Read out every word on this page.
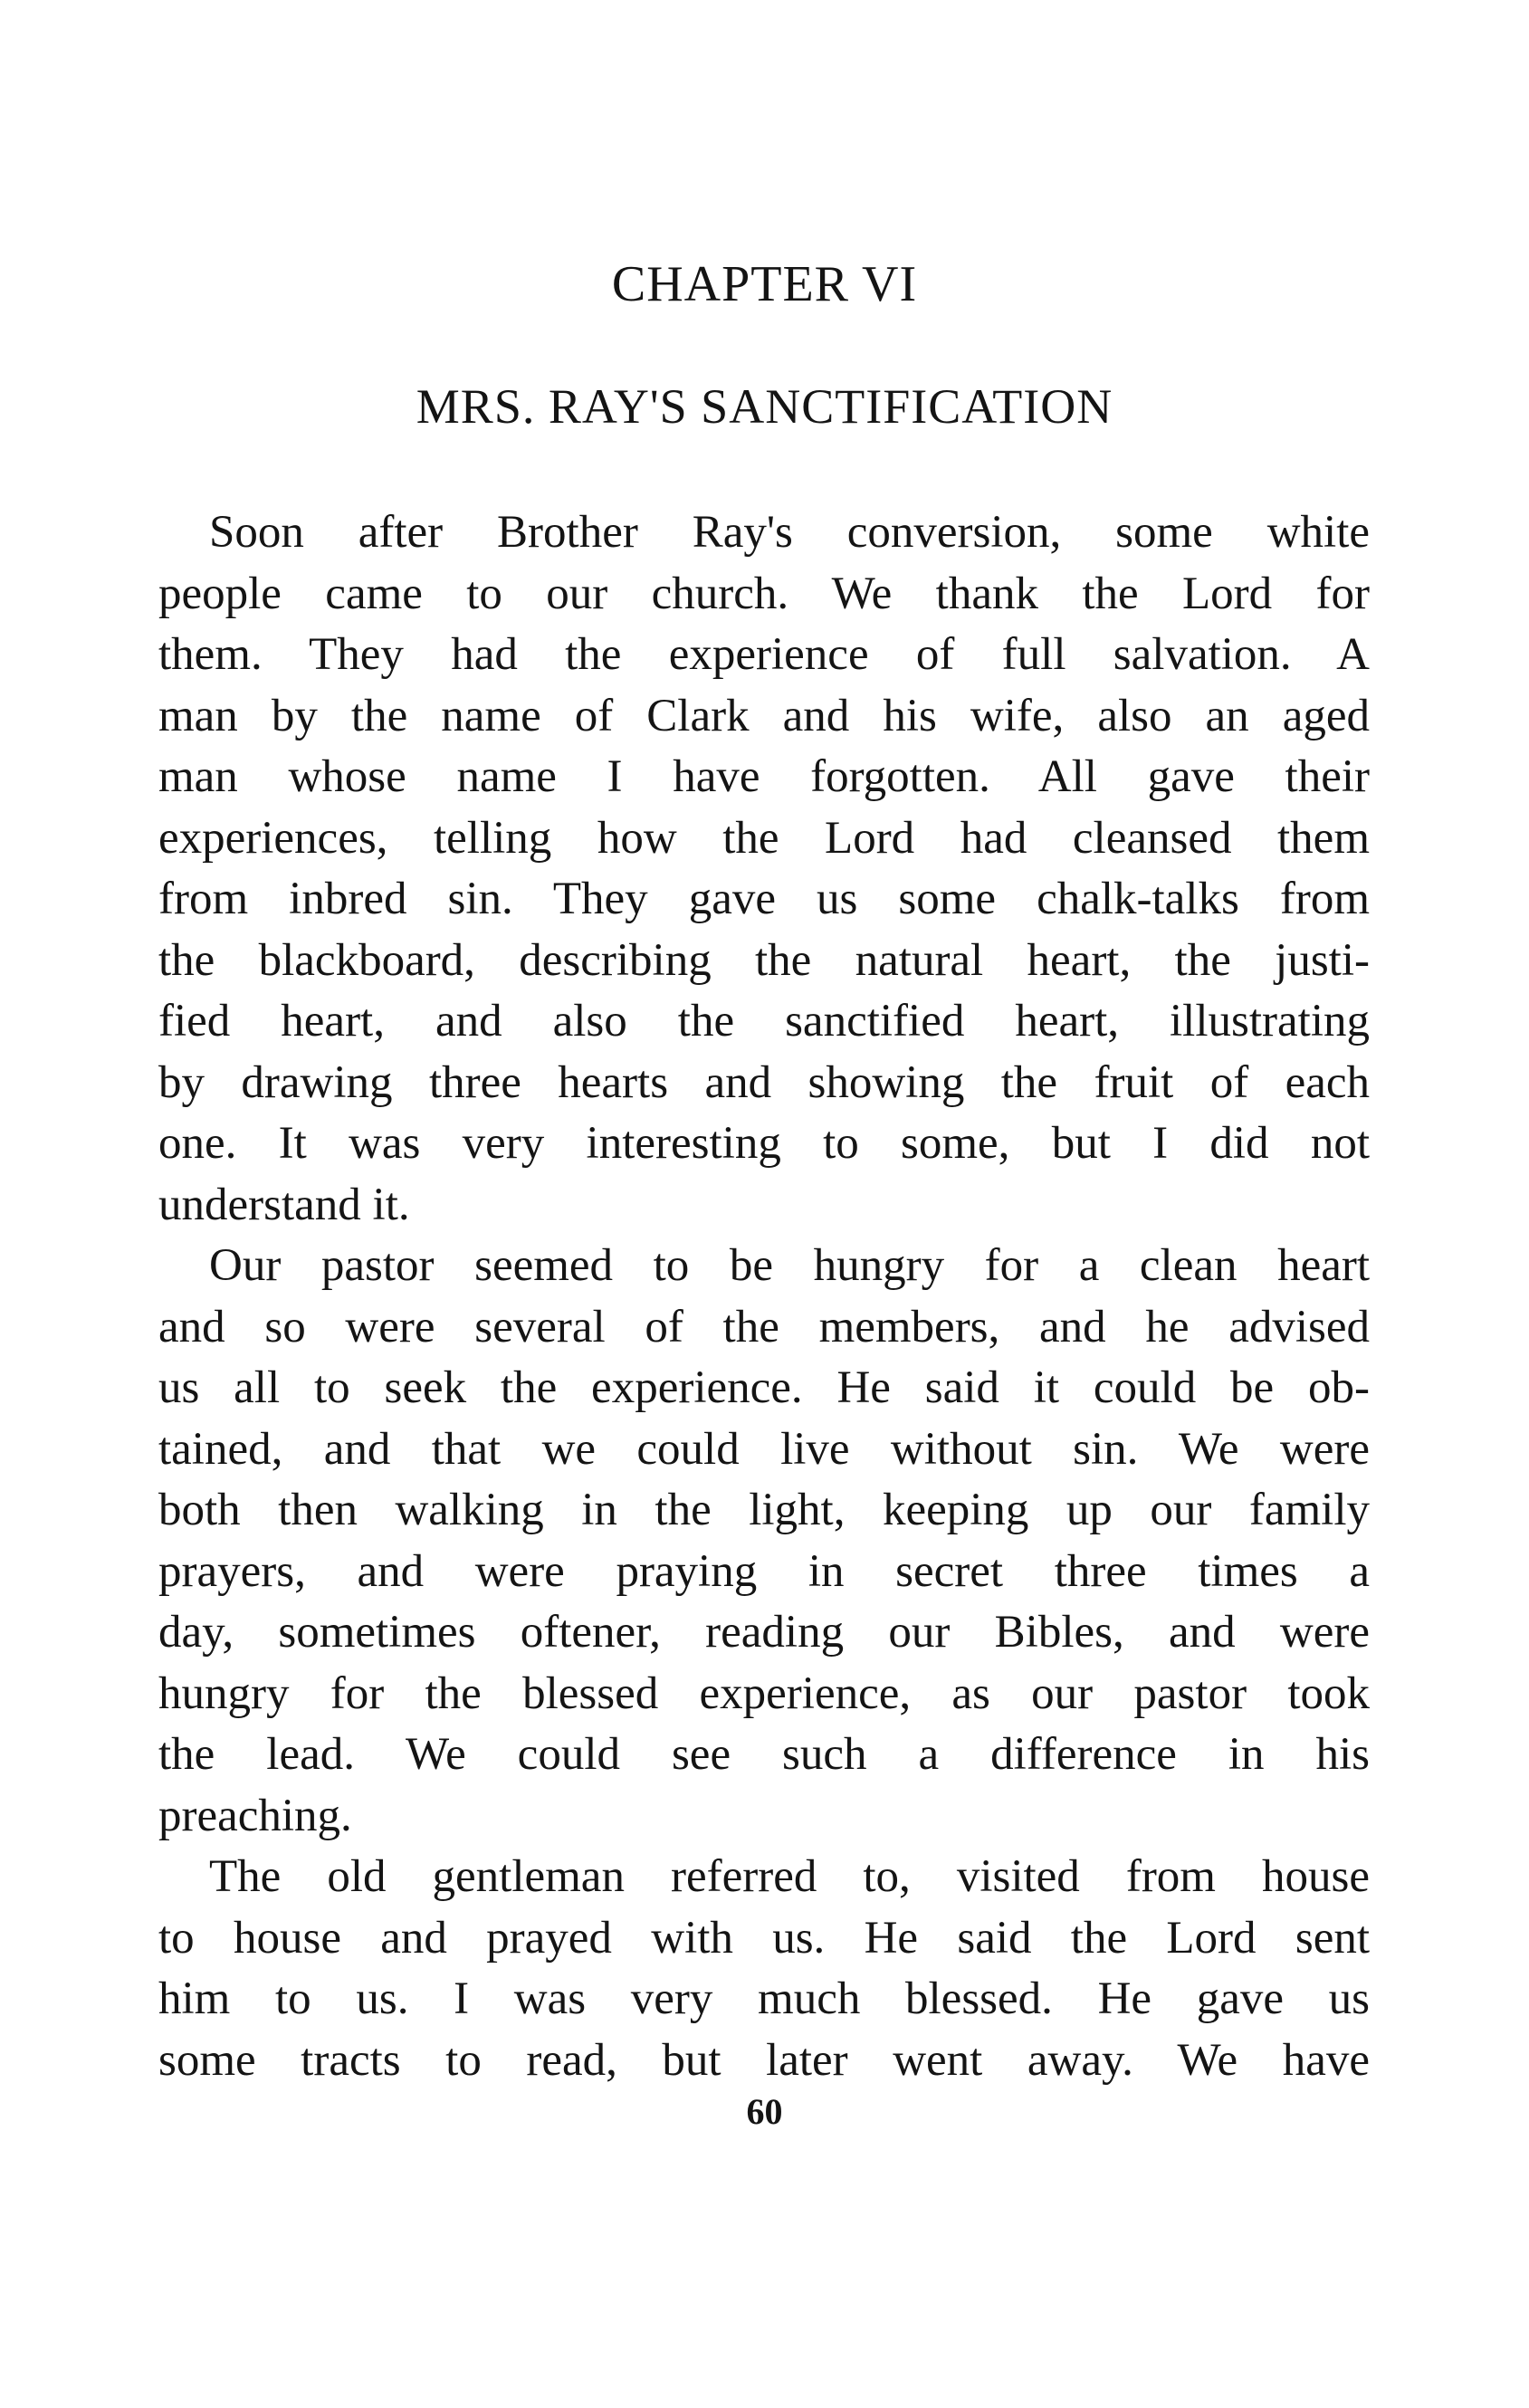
CHAPTER VI
MRS. RAY'S SANCTIFICATION
Soon after Brother Ray's conversion, some white
people came to our church. We thank the Lord for
them. They had the experience of full salvation. A
man by the name of Clark and his wife, also an aged
man whose name I have forgotten. All gave their
experiences, telling how the Lord had cleansed them
from inbred sin. They gave us some chalk-talks from
the blackboard, describing the natural heart, the justi-
fied heart, and also the sanctified heart, illustrating
by drawing three hearts and showing the fruit of each
one. It was very interesting to some, but I did not
understand it.
Our pastor seemed to be hungry for a clean heart
and so were several of the members, and he advised
us all to seek the experience. He said it could be ob-
tained, and that we could live without sin. We were
both then walking in the light, keeping up our family
prayers, and were praying in secret three times a
day, sometimes oftener, reading our Bibles, and were
hungry for the blessed experience, as our pastor took
the lead. We could see such a difference in his
preaching.
The old gentleman referred to, visited from house
to house and prayed with us. He said the Lord sent
him to us. I was very much blessed. He gave us
some tracts to read, but later went away. We have
60
